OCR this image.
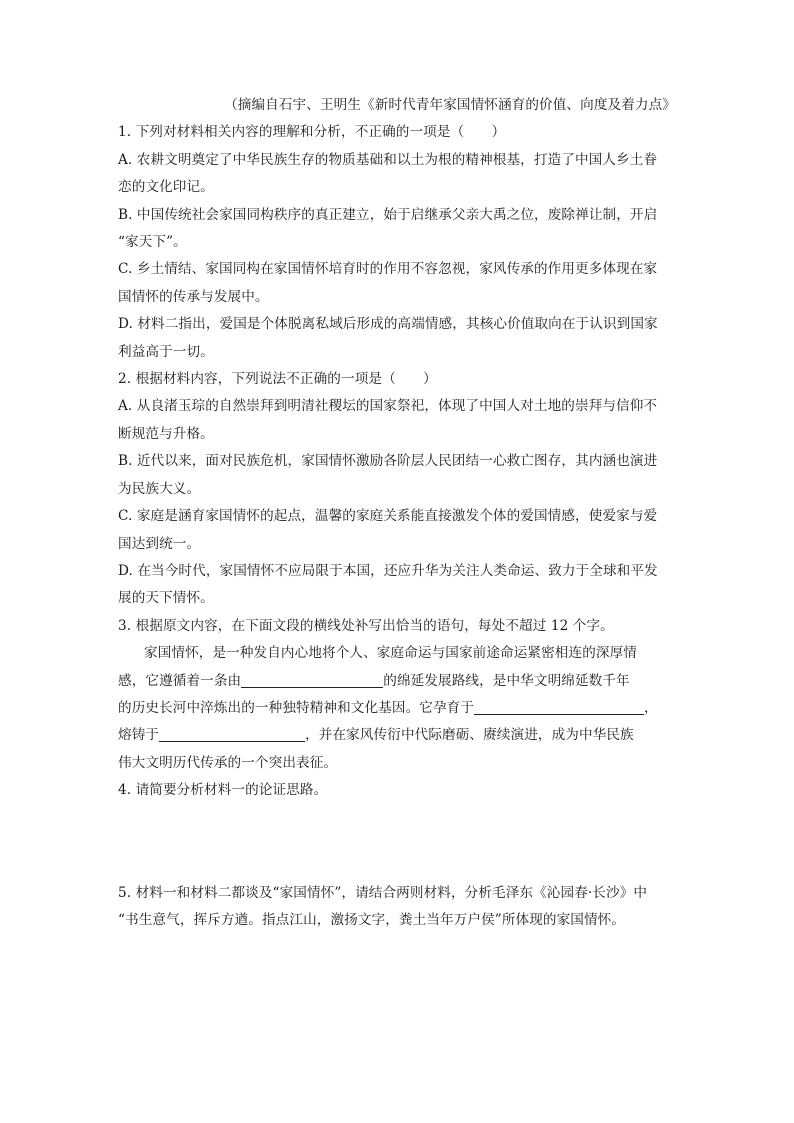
（摘编自石宇、王明生《新时代青年家国情怀涵育的价值、向度及着力点》
1. 下列对材料相关内容的理解和分析，不正确的一项是（　　）
A. 农耕文明奠定了中华民族生存的物质基础和以土为根的精神根基，打造了中国人乡土眷
恋的文化印记。
B. 中国传统社会家国同构秩序的真正建立，始于启继承父亲大禹之位，废除禅让制，开启
“家天下”。
C. 乡土情结、家国同构在家国情怀培育时的作用不容忽视，家风传承的作用更多体现在家
国情怀的传承与发展中。
D. 材料二指出，爱国是个体脱离私域后形成的高端情感，其核心价值取向在于认识到国家
利益高于一切。
2. 根据材料内容，下列说法不正确的一项是（　　）
A. 从良渚玉琮的自然崇拜到明清社稷坛的国家祭祀，体现了中国人对土地的崇拜与信仰不
断规范与升格。
B. 近代以来，面对民族危机，家国情怀激励各阶层人民团结一心救亡图存，其内涵也演进
为民族大义。
C. 家庭是涵育家国情怀的起点，温馨的家庭关系能直接激发个体的爱国情感，使爱家与爱
国达到统一。
D. 在当今时代，家国情怀不应局限于本国，还应升华为关注人类命运、致力于全球和平发
展的天下情怀。
3. 根据原文内容，在下面文段的横线处补写出恰当的语句，每处不超过 12 个字。
家国情怀，是一种发自内心地将个人、家庭命运与国家前途命运紧密相连的深厚情
感，它遵循着一条由	的绵延发展路线，是中华文明绵延数千年
的历史长河中淬炼出的一种独特精神和文化基因。它孕育于	，
熔铸于	，并在家风传衍中代际磨砺、赓续演进，成为中华民族
伟大文明历代传承的一个突出表征。
4. 请简要分析材料一的论证思路。
5. 材料一和材料二都谈及“家国情怀”，请结合两则材料，分析毛泽东《沁园春·长沙》中
“书生意气，挥斥方遒。指点江山，激扬文字，粪土当年万户侯”所体现的家国情怀。
